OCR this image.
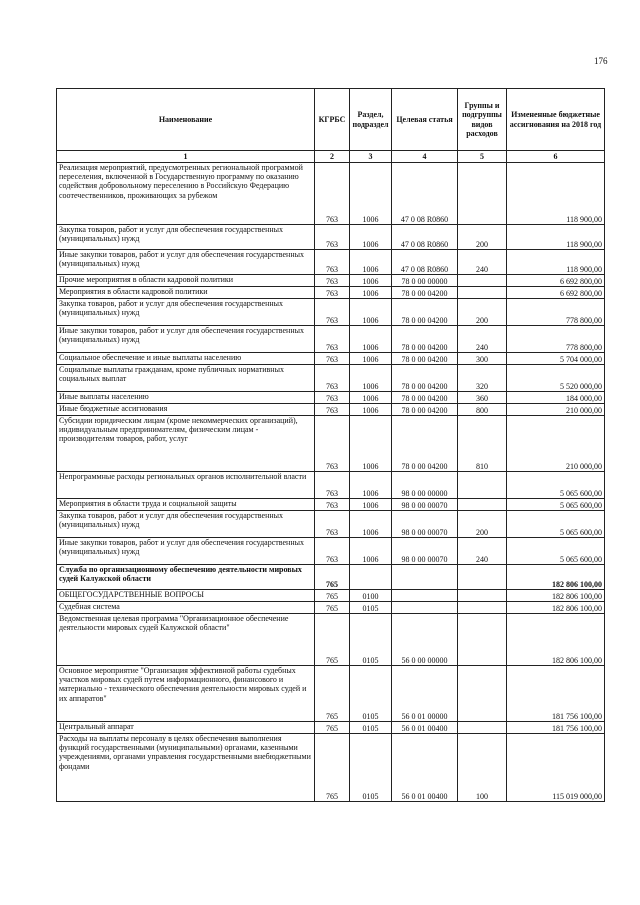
176
Наименование	КГРБС	Раздел, подраздел	Целевая статья	Группы и подгруппы видов расходов	Измененные бюджетные ассигнования на 2018 год
1	2	3	4	5	6
Реализация мероприятий, предусмотренных региональной программой переселения, включенной в Государственную программу по оказанию содействия добровольному переселению в Российскую Федерацию соотечественников, проживающих за рубежом	763	1006	47 0 08 R0860		118 900,00
Закупка товаров, работ и услуг для обеспечения государственных (муниципальных) нужд	763	1006	47 0 08 R0860	200	118 900,00
Иные закупки товаров, работ и услуг для обеспечения государственных (муниципальных) нужд	763	1006	47 0 08 R0860	240	118 900,00
Прочие мероприятия в области кадровой политики	763	1006	78 0 00 00000		6 692 800,00
Мероприятия в области кадровой политики	763	1006	78 0 00 04200		6 692 800,00
Закупка товаров, работ и услуг для обеспечения государственных (муниципальных) нужд	763	1006	78 0 00 04200	200	778 800,00
Иные закупки товаров, работ и услуг для обеспечения государственных (муниципальных) нужд	763	1006	78 0 00 04200	240	778 800,00
Социальное обеспечение и иные выплаты населению	763	1006	78 0 00 04200	300	5 704 000,00
Социальные выплаты гражданам, кроме публичных нормативных социальных выплат	763	1006	78 0 00 04200	320	5 520 000,00
Иные выплаты населению	763	1006	78 0 00 04200	360	184 000,00
Иные бюджетные ассигнования	763	1006	78 0 00 04200	800	210 000,00
Субсидии юридическим лицам (кроме некоммерческих организаций), индивидуальным предпринимателям, физическим лицам - производителям товаров, работ, услуг	763	1006	78 0 00 04200	810	210 000,00
Непрограммные расходы региональных органов исполнительной власти	763	1006	98 0 00 00000		5 065 600,00
Мероприятия в области труда и социальной защиты	763	1006	98 0 00 00070		5 065 600,00
Закупка товаров, работ и услуг для обеспечения государственных (муниципальных) нужд	763	1006	98 0 00 00070	200	5 065 600,00
Иные закупки товаров, работ и услуг для обеспечения государственных (муниципальных) нужд	763	1006	98 0 00 00070	240	5 065 600,00
Служба по организационному обеспечению деятельности мировых судей Калужской области	765				182 806 100,00
ОБЩЕГОСУДАРСТВЕННЫЕ ВОПРОСЫ	765	0100			182 806 100,00
Судебная система	765	0105			182 806 100,00
Ведомственная целевая программа "Организационное обеспечение деятельности мировых судей Калужской области"	765	0105	56 0 00 00000		182 806 100,00
Основное мероприятие "Организация эффективной работы судебных участков мировых судей путем информационного, финансового и материально - технического обеспечения деятельности мировых судей и их аппаратов"	765	0105	56 0 01 00000		181 756 100,00
Центральный аппарат	765	0105	56 0 01 00400		181 756 100,00
Расходы на выплаты персоналу в целях обеспечения выполнения функций государственными (муниципальными) органами, казенными учреждениями, органами управления государственными внебюджетными фондами	765	0105	56 0 01 00400	100	115 019 000,00
